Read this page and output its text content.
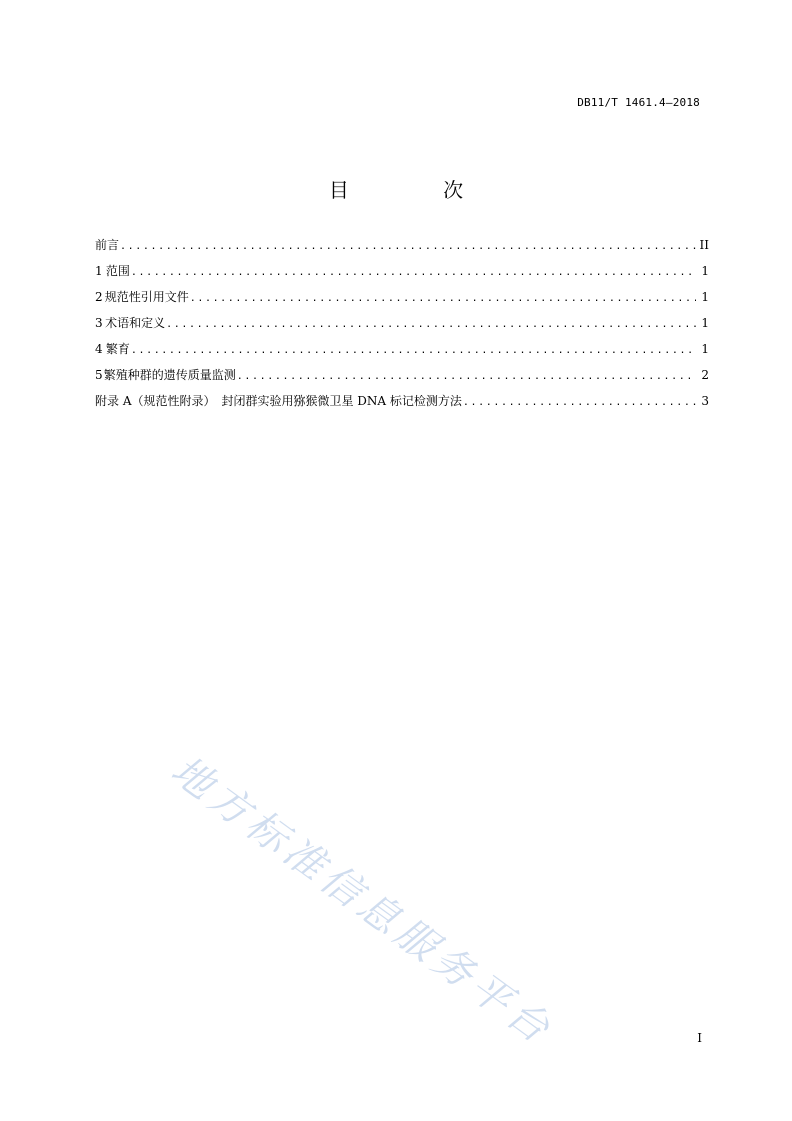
DB11/T 1461.4—2018
目 次
前言 .....	II
1 范围 .....	1
2 规范性引用文件 .....	1
3 术语和定义 .....	1
4 繁育 .....	1
5 繁殖种群的遗传质量监测 .....	2
附录 A（规范性附录）　封闭群实验用猕猴微卫星 DNA 标记检测方法 .....	3
地方标准信息服务平台	I
